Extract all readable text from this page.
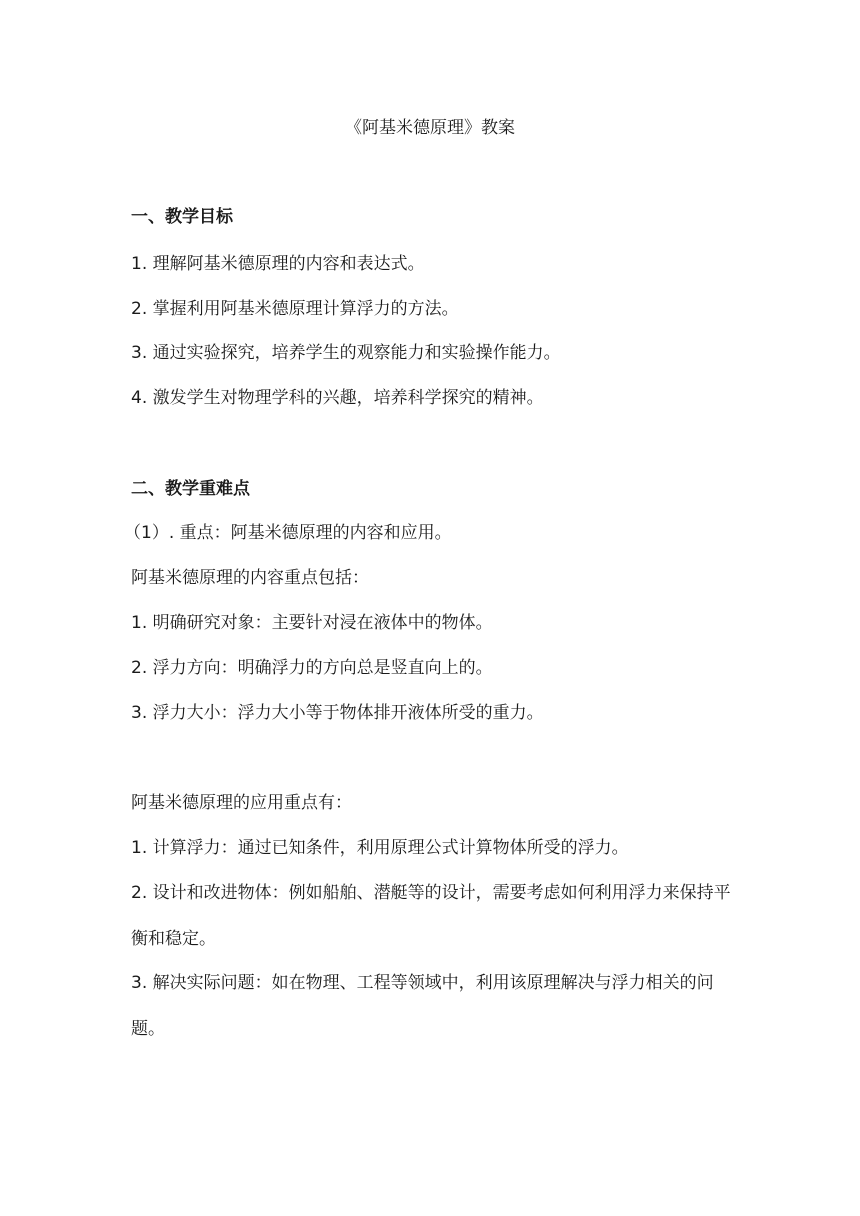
《阿基米德原理》教案
一、教学目标

1. 理解阿基米德原理的内容和表达式。

2. 掌握利用阿基米德原理计算浮力的方法。

3. 通过实验探究，培养学生的观察能力和实验操作能力。

4. 激发学生对物理学科的兴趣，培养科学探究的精神。

二、教学重难点

（1）. 重点：阿基米德原理的内容和应用。

阿基米德原理的内容重点包括：

1. 明确研究对象：主要针对浸在液体中的物体。

2. 浮力方向：明确浮力的方向总是竖直向上的。

3. 浮力大小：浮力大小等于物体排开液体所受的重力。

阿基米德原理的应用重点有：

1. 计算浮力：通过已知条件，利用原理公式计算物体所受的浮力。

2. 设计和改进物体：例如船舶、潜艇等的设计，需要考虑如何利用浮力来保持平衡和稳定。

3. 解决实际问题：如在物理、工程等领域中，利用该原理解决与浮力相关的问题。
